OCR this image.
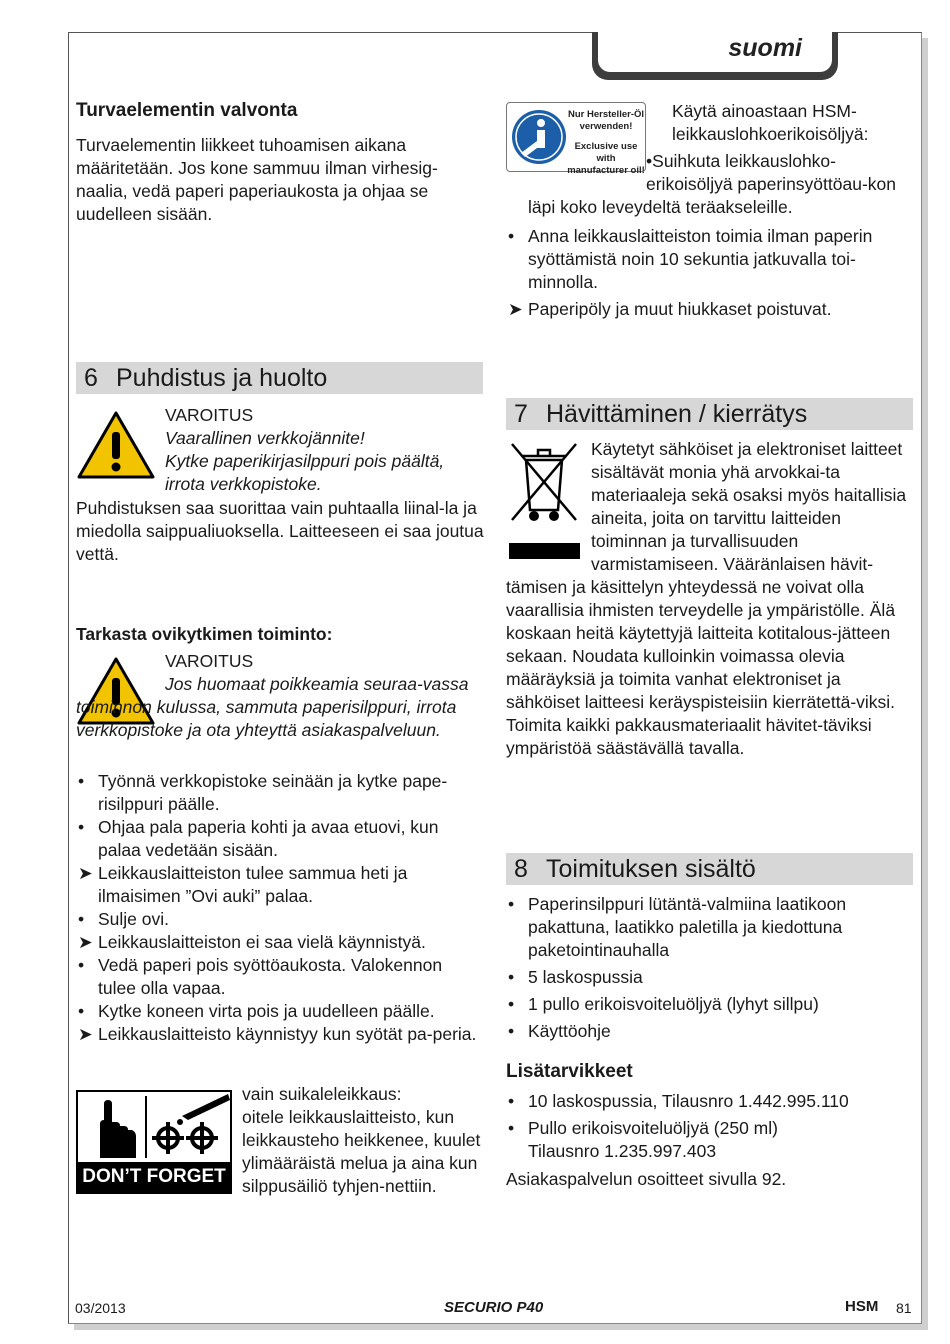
suomi
Turvaelementin valvonta
Turvaelementin liikkeet tuhoamisen aikana määritetään. Jos kone sammuu ilman virhesig-naalia, vedä paperi paperiaukosta ja ohjaa se uudelleen sisään.
6 Puhdistus ja huolto
VAROITUS
Vaarallinen verkkojännite!
Kytke paperikirjasilppuri pois päältä, irrota verkkopistoke.
Puhdistuksen saa suorittaa vain puhtaalla liinal-la ja miedolla saippualiuoksella. Laitteeseen ei saa joutua vettä.
Tarkasta ovikytkimen toiminto:
VAROITUS
Jos huomaat poikkeamia seuraa-vassa toiminnon kulussa, sammuta paperisilppuri, irrota verkkopistoke ja ota yhteyttä asiakaspalveluun.
• Työnnä verkkopistoke seinään ja kytke pape-risilppuri päälle.
• Ohjaa pala paperia kohti ja avaa etuovi, kun palaa vedetään sisään.
➤ Leikkauslaitteiston tulee sammua heti ja ilmaisimen ”Ovi auki” palaa.
• Sulje ovi.
➤ Leikkauslaitteiston ei saa vielä käynnistyä.
• Vedä paperi pois syöttöaukosta. Valokennon tulee olla vapaa.
• Kytke koneen virta pois ja uudelleen päälle.
➤ Leikkauslaitteisto käynnistyy kun syötät pa-peria.
DON’T FORGET
vain suikaleleikkaus:
oitele leikkauslaitteisto, kun leikkausteho heikkenee, kuulet ylimääräistä melua ja aina kun silppusäiliö tyhjen-nettiin.
Nur Hersteller-Öl verwenden!
Exclusive use with manufacturer oil!
Käytä ainoastaan HSM-leikkauslohkoerikoisöljyä:
•Suihkuta leikkauslohko-erikoisöljyä paperinsyöttöau-kon läpi koko leveydeltä teräakseleille.
• Anna leikkauslaitteiston toimia ilman paperin syöttämistä noin 10 sekuntia jatkuvalla toi-minnolla.
➤ Paperipöly ja muut hiukkaset poistuvat.
7 Hävittäminen / kierrätys
Käytetyt sähköiset ja elektroniset laitteet sisältävät monia yhä arvokkai-ta materiaaleja sekä osaksi myös haitallisia aineita, joita on tarvittu laitteiden toiminnan ja turvallisuuden varmistamiseen. Vääränlaisen hävit-tämisen ja käsittelyn yhteydessä ne voivat olla vaarallisia ihmisten terveydelle ja ympäristölle. Älä koskaan heitä käytettyjä laitteita kotitalous-jätteen sekaan. Noudata kulloinkin voimassa olevia määräyksiä ja toimita vanhat elektroniset ja sähköiset laitteesi keräyspisteisiin kierrätettä-viksi. Toimita kaikki pakkausmateriaalit hävitet-täviksi ympäristöä säästävällä tavalla.
8 Toimituksen sisältö
• Paperinsilppuri lütäntä-valmiina laatikoon pakattuna, laatikko paletilla ja kiedottuna paketointinauhalla
• 5 laskospussia
• 1 pullo erikoisvoiteluöljyä (lyhyt sillpu)
• Käyttöohje
Lisätarvikkeet
• 10 laskospussia, Tilausnro 1.442.995.110
• Pullo erikoisvoiteluöljyä (250 ml) Tilausnro 1.235.997.403
Asiakaspalvelun osoitteet sivulla 92.
03/2013	SECURIO P40	HSM 81
